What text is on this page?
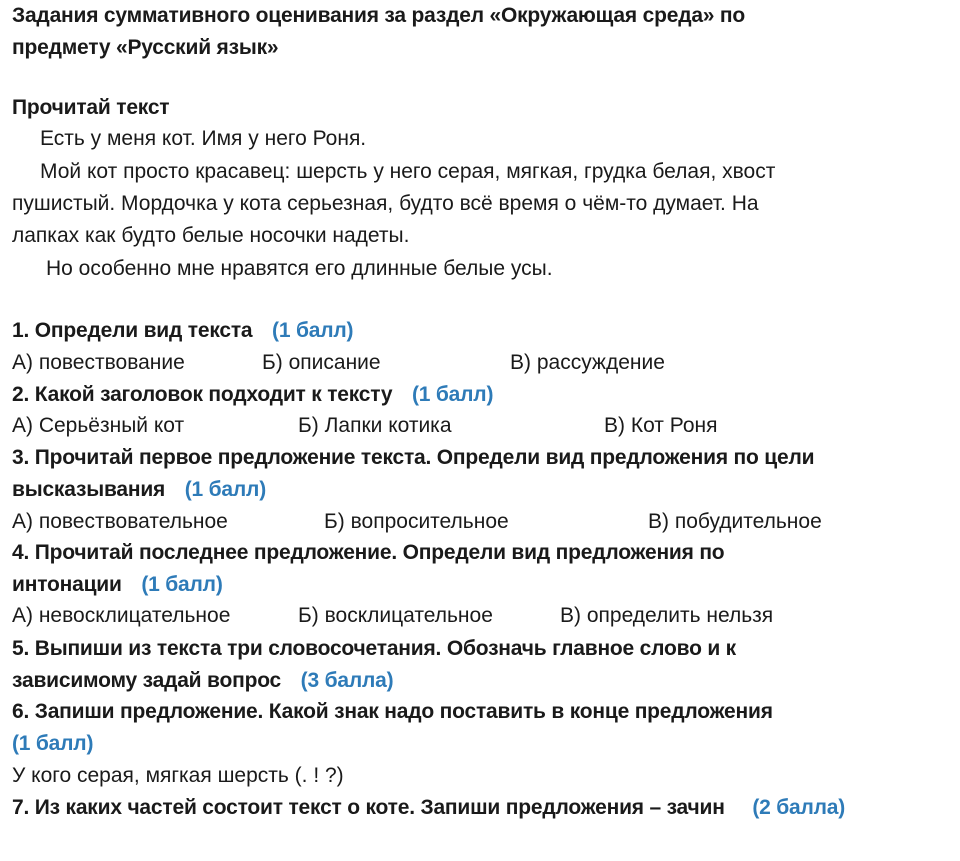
Задания суммативного оценивания за раздел «Окружающая среда» по
предмету «Русский язык»
Прочитай текст
Есть у меня кот. Имя у него Роня.
Мой кот просто красавец: шерсть у него серая, мягкая, грудка белая, хвост
пушистый. Мордочка у кота серьезная, будто всё время о чём-то думает. На
лапках как будто белые носочки надеты.
Но особенно мне нравятся его длинные белые усы.
1. Определи вид текста (1 балл)
А) повествование	Б) описание	В) рассуждение
2. Какой заголовок подходит к тексту (1 балл)
А) Серьёзный кот	Б) Лапки котика	В) Кот Роня
3. Прочитай первое предложение текста. Определи вид предложения по цели
высказывания (1 балл)
А) повествовательное	Б) вопросительное	В) побудительное
4. Прочитай последнее предложение. Определи вид предложения по
интонации (1 балл)
А) невосклицательное	Б) восклицательное	В) определить нельзя
5. Выпиши из текста три словосочетания. Обозначь главное слово и к
зависимому задай вопрос (3 балла)
6. Запиши предложение. Какой знак надо поставить в конце предложения
(1 балл)
У кого серая, мягкая шерсть (. ! ?)
7. Из каких частей состоит текст о коте. Запиши предложения – зачин (2 балла)
